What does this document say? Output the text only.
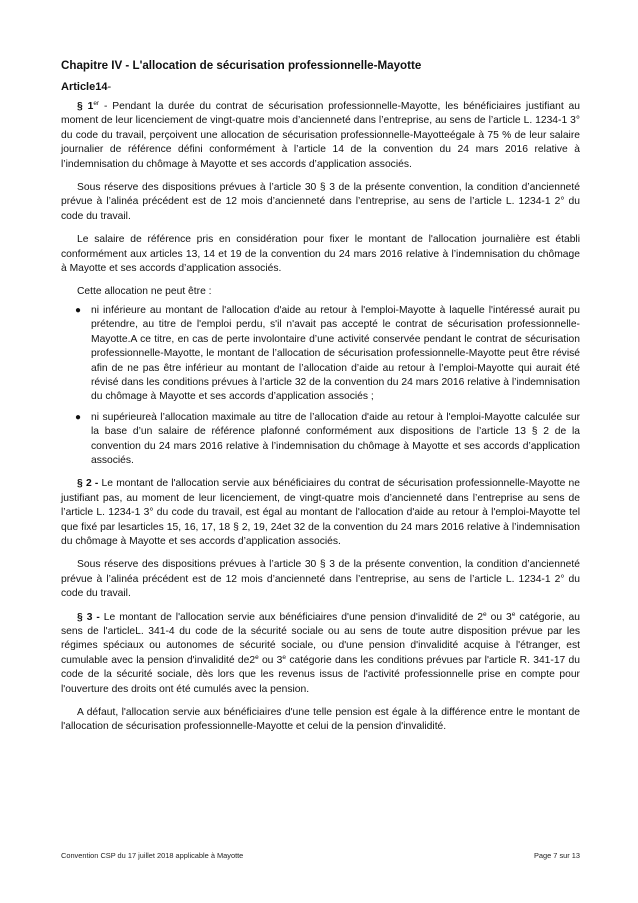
Chapitre IV - L'allocation de sécurisation professionnelle-Mayotte
Article14-

§ 1er - Pendant la durée du contrat de sécurisation professionnelle-Mayotte, les bénéficiaires justifiant au moment de leur licenciement de vingt-quatre mois d’ancienneté dans l’entreprise, au sens de l’article L. 1234-1 3° du code du travail, perçoivent une allocation de sécurisation professionnelle-Mayotteégale à 75 % de leur salaire journalier de référence défini conformément à l’article 14 de la convention du 24 mars 2016 relative à l’indemnisation du chômage à Mayotte et ses accords d’application associés.

Sous réserve des dispositions prévues à l’article 30 § 3 de la présente convention, la condition d’ancienneté prévue à l’alinéa précédent est de 12 mois d’ancienneté dans l’entreprise, au sens de l’article L. 1234-1 2° du code du travail.

Le salaire de référence pris en considération pour fixer le montant de l'allocation journalière est établi conformément aux articles 13, 14 et 19 de la convention du 24 mars 2016 relative à l’indemnisation du chômage à Mayotte et ses accords d’application associés.

Cette allocation ne peut être :

● ni inférieure au montant de l'allocation d'aide au retour à l'emploi-Mayotte à laquelle l'intéressé aurait pu prétendre, au titre de l'emploi perdu, s'il n'avait pas accepté le contrat de sécurisation professionnelle-Mayotte.A ce titre, en cas de perte involontaire d’une activité conservée pendant le contrat de sécurisation professionnelle-Mayotte, le montant de l’allocation de sécurisation professionnelle-Mayotte peut être révisé afin de ne pas être inférieur au montant de l’allocation d’aide au retour à l’emploi-Mayotte qui aurait été révisé dans les conditions prévues à l’article 32 de la convention du 24 mars 2016 relative à l’indemnisation du chômage à Mayotte et ses accords d’application associés ;
● ni supérieureà l’allocation maximale au titre de l’allocation d'aide au retour à l'emploi-Mayotte calculée sur la base d’un salaire de référence plafonné conformément aux dispositions de l’article 13 § 2 de la convention du 24 mars 2016 relative à l’indemnisation du chômage à Mayotte et ses accords d’application associés.

§ 2 - Le montant de l'allocation servie aux bénéficiaires du contrat de sécurisation professionnelle-Mayotte ne justifiant pas, au moment de leur licenciement, de vingt-quatre mois d’ancienneté dans l’entreprise au sens de l’article L. 1234-1 3° du code du travail, est égal au montant de l'allocation d'aide au retour à l'emploi-Mayotte tel que fixé par lesarticles 15, 16, 17, 18 § 2, 19, 24et 32 de la convention du 24 mars 2016 relative à l’indemnisation du chômage à Mayotte et ses accords d’application associés.

Sous réserve des dispositions prévues à l’article 30 § 3 de la présente convention, la condition d’ancienneté prévue à l’alinéa précédent est de 12 mois d’ancienneté dans l’entreprise, au sens de l’article L. 1234-1 2° du code du travail.

§ 3 - Le montant de l'allocation servie aux bénéficiaires d'une pension d'invalidité de 2e ou 3e catégorie, au sens de l'articleL. 341-4 du code de la sécurité sociale ou au sens de toute autre disposition prévue par les régimes spéciaux ou autonomes de sécurité sociale, ou d'une pension d'invalidité acquise à l'étranger, est cumulable avec la pension d'invalidité de2e ou 3e catégorie dans les conditions prévues par l'article R. 341-17 du code de la sécurité sociale, dès lors que les revenus issus de l'activité professionnelle prise en compte pour l'ouverture des droits ont été cumulés avec la pension.

A défaut, l'allocation servie aux bénéficiaires d'une telle pension est égale à la différence entre le montant de l'allocation de sécurisation professionnelle-Mayotte et celui de la pension d'invalidité.

Convention CSP du 17 juillet 2018 applicable à Mayotte	Page 7 sur 13
